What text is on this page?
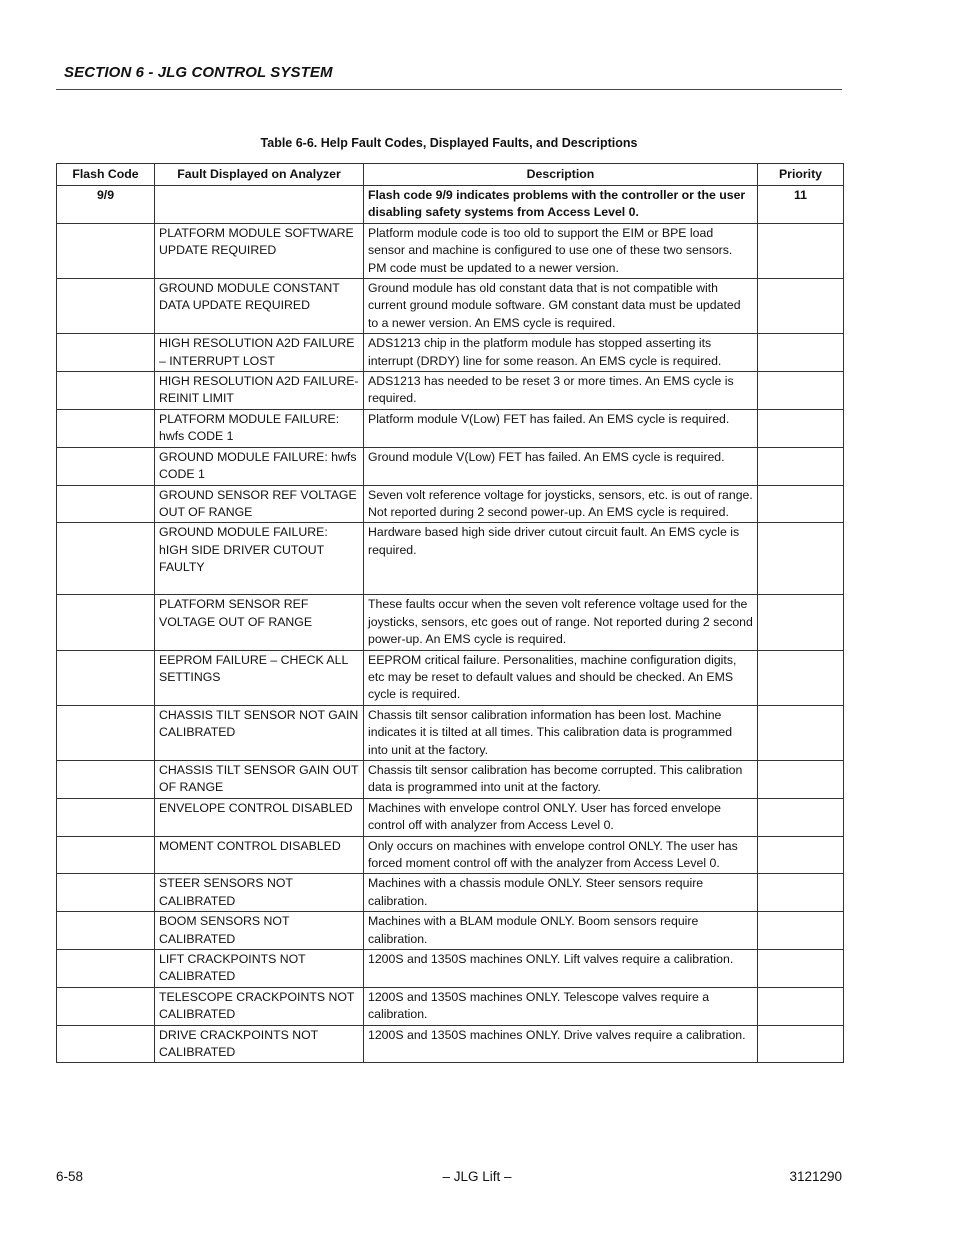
SECTION 6 - JLG CONTROL SYSTEM
Table 6-6. Help Fault Codes, Displayed Faults, and Descriptions
Flash Code	Fault Displayed on Analyzer	Description	Priority
9/9		Flash code 9/9 indicates problems with the controller or the user disabling safety systems from Access Level 0.	11
	PLATFORM MODULE SOFTWARE UPDATE REQUIRED	Platform module code is too old to support the EIM or BPE load sensor and machine is configured to use one of these two sensors. PM code must be updated to a newer version.	
	GROUND MODULE CONSTANT DATA UPDATE REQUIRED	Ground module has old constant data that is not compatible with current ground module software. GM constant data must be updated to a newer version. An EMS cycle is required.	
	HIGH RESOLUTION A2D FAILURE – INTERRUPT LOST	ADS1213 chip in the platform module has stopped asserting its interrupt (DRDY) line for some reason. An EMS cycle is required.	
	HIGH RESOLUTION A2D FAILURE-REINIT LIMIT	ADS1213 has needed to be reset 3 or more times. An EMS cycle is required.	
	PLATFORM MODULE FAILURE: hwfs CODE 1	Platform module V(Low) FET has failed. An EMS cycle is required.	
	GROUND MODULE FAILURE: hwfs CODE 1	Ground module V(Low) FET has failed. An EMS cycle is required.	
	GROUND SENSOR REF VOLTAGE OUT OF RANGE	Seven volt reference voltage for joysticks, sensors, etc. is out of range. Not reported during 2 second power-up. An EMS cycle is required.	
	GROUND MODULE FAILURE: hIGH SIDE DRIVER CUTOUT FAULTY	Hardware based high side driver cutout circuit fault. An EMS cycle is required.	
	PLATFORM SENSOR REF VOLTAGE OUT OF RANGE	These faults occur when the seven volt reference voltage used for the joysticks, sensors, etc goes out of range. Not reported during 2 second power-up. An EMS cycle is required.	
	EEPROM FAILURE – CHECK ALL SETTINGS	EEPROM critical failure. Personalities, machine configuration digits, etc may be reset to default values and should be checked. An EMS cycle is required.	
	CHASSIS TILT SENSOR NOT GAIN CALIBRATED	Chassis tilt sensor calibration information has been lost. Machine indicates it is tilted at all times. This calibration data is programmed into unit at the factory.	
	CHASSIS TILT SENSOR GAIN OUT OF RANGE	Chassis tilt sensor calibration has become corrupted. This calibration data is programmed into unit at the factory.	
	ENVELOPE CONTROL DISABLED	Machines with envelope control ONLY. User has forced envelope control off with analyzer from Access Level 0.	
	MOMENT CONTROL DISABLED	Only occurs on machines with envelope control ONLY. The user has forced moment control off with the analyzer from Access Level 0.	
	STEER SENSORS NOT CALIBRATED	Machines with a chassis module ONLY. Steer sensors require calibration.	
	BOOM SENSORS NOT CALIBRATED	Machines with a BLAM module ONLY. Boom sensors require calibration.	
	LIFT CRACKPOINTS NOT CALIBRATED	1200S and 1350S machines ONLY. Lift valves require a calibration.	
	TELESCOPE CRACKPOINTS NOT CALIBRATED	1200S and 1350S machines ONLY. Telescope valves require a calibration.	
	DRIVE CRACKPOINTS NOT CALIBRATED	1200S and 1350S machines ONLY. Drive valves require a calibration.	
6-58	– JLG Lift –	3121290
